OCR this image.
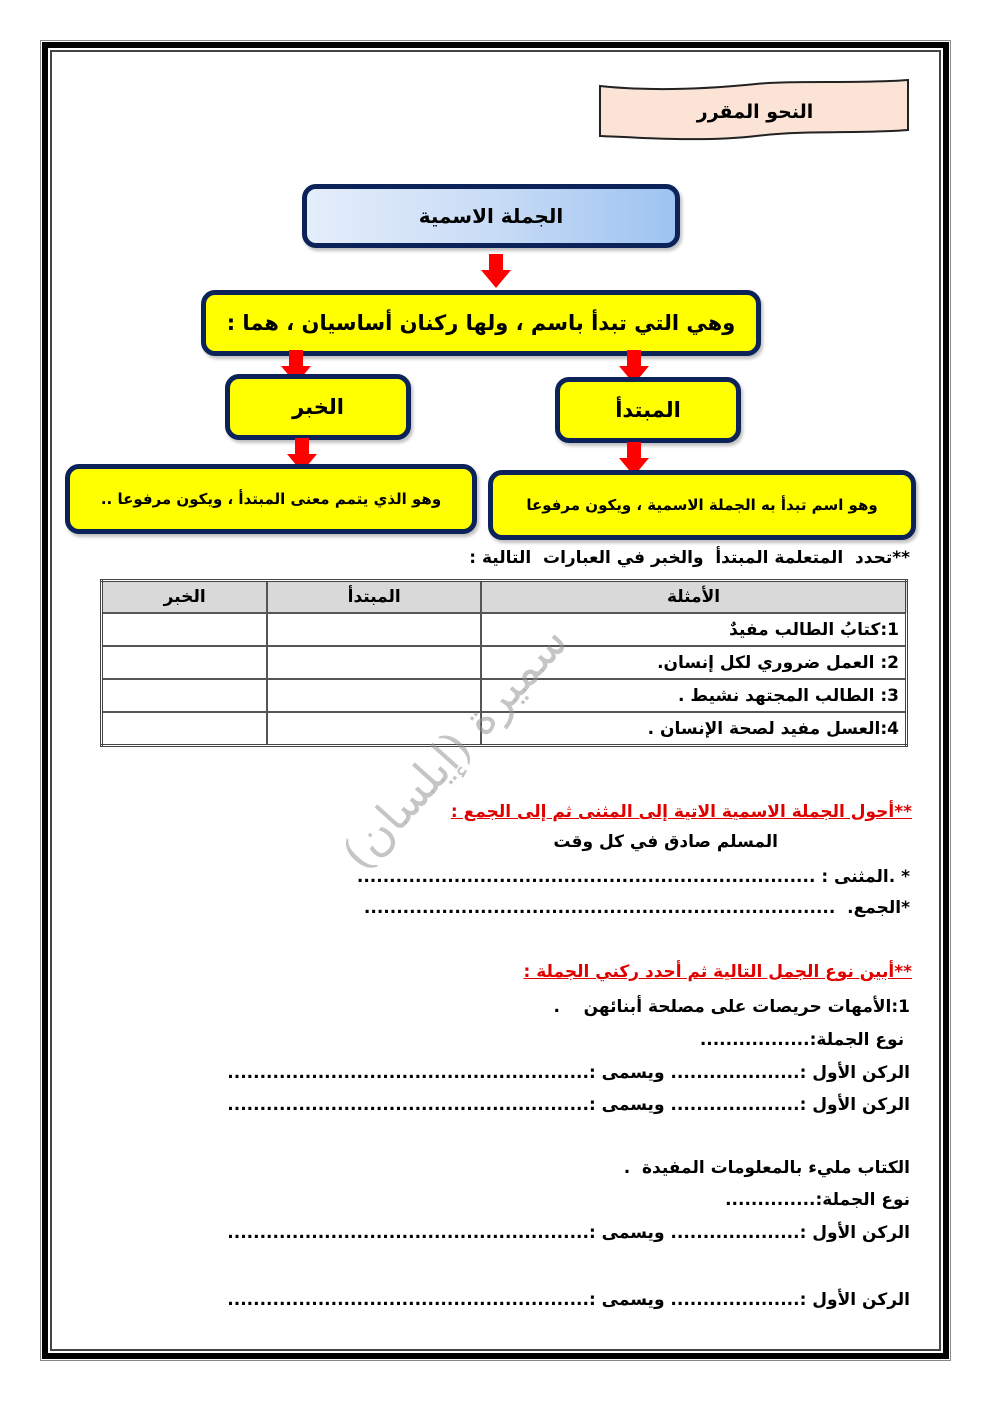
النحو المقرر
الجملة الاسمية
وهي التي تبدأ باسم ، ولها ركنان أساسيان ، هما :
الخبر	المبتدأ
وهو الذي يتمم معنى المبتدأ ، ويكون مرفوعا ..	وهو اسم تبدأ به الجملة الاسمية ، ويكون مرفوعا
**تحدد  المتعلمة المبتدأ  والخبر في العبارات  التالية :
الأمثلة	المبتدأ	الخبر
1:كتابُ الطالب مفيدٌ		
2: العمل ضروري لكل إنسان.		
3: الطالب المجتهد نشيط .		
4:العسل مفيد لصحة الإنسان .		
سميرة (إيلسان)
**أحول الجملة الاسمية الاتية إلى المثنى ثم إلى الجمع :
المسلم صادق في كل وقت
* .المثنى : .......................................................................
*الجمع.  .........................................................................
**أبين نوع الجمل التالية ثم أحدد ركني الجملة :
1:الأمهات حريصات على مصلحة أبنائهن    .
نوع الجملة:.................
الركن الأول :.................... ويسمى :........................................................
الركن الأول :.................... ويسمى :........................................................
الكتاب مليء بالمعلومات المفيدة  .
نوع الجملة:..............
الركن الأول :.................... ويسمى :........................................................
الركن الأول :.................... ويسمى :........................................................
